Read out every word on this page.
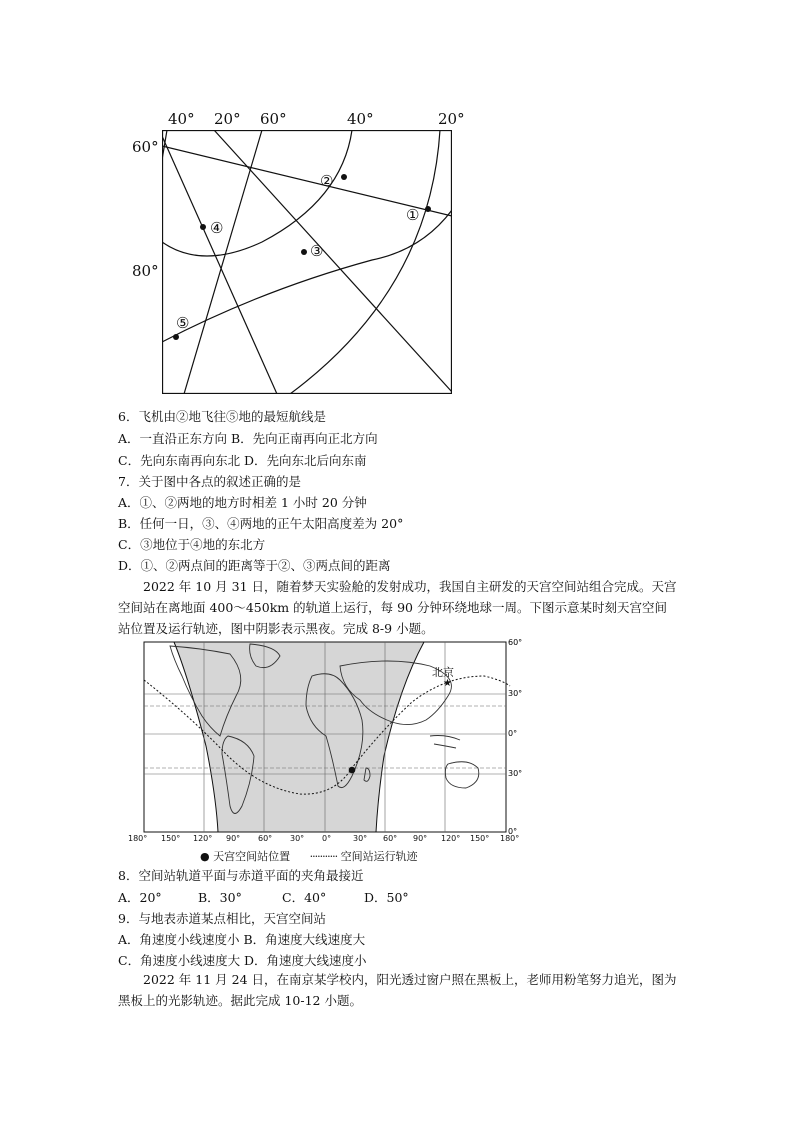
40° 20° 60°	40°	20°
60°
80°
①
②
③
④
⑤
6．飞机由②地飞往⑤地的最短航线是
A．一直沿正东方向 B．先向正南再向正北方向
C．先向东南再向东北 D．先向东北后向东南
7．关于图中各点的叙述正确的是
A．①、②两地的地方时相差 1 小时 20 分钟
B．任何一日，③、④两地的正午太阳高度差为 20°
C．③地位于④地的东北方
D．①、②两点间的距离等于②、③两点间的距离
2022 年 10 月 31 日，随着梦天实验舱的发射成功，我国自主研发的天宫空间站组合完成。天宫空间站在离地面 400～450km 的轨道上运行，每 90 分钟环绕地球一周。下图示意某时刻天宫空间站位置及运行轨迹，图中阴影表示黑夜。完成 8-9 小题。
★
60°
30°
0°
30°
0°
北京
180° 150° 120° 90° 60° 30° 0°	30° 60° 90° 120° 150° 180°
● 天宫空间站位置 ··········· 空间站运行轨迹
8．空间站轨道平面与赤道平面的夹角最接近
A．20°	B．30°	C．40°	D．50°
9．与地表赤道某点相比，天宫空间站
A．角速度小线速度小 B．角速度大线速度大
C．角速度小线速度大 D．角速度大线速度小
2022 年 11 月 24 日，在南京某学校内，阳光透过窗户照在黑板上，老师用粉笔努力追光，图为黑板上的光影轨迹。据此完成 10-12 小题。
